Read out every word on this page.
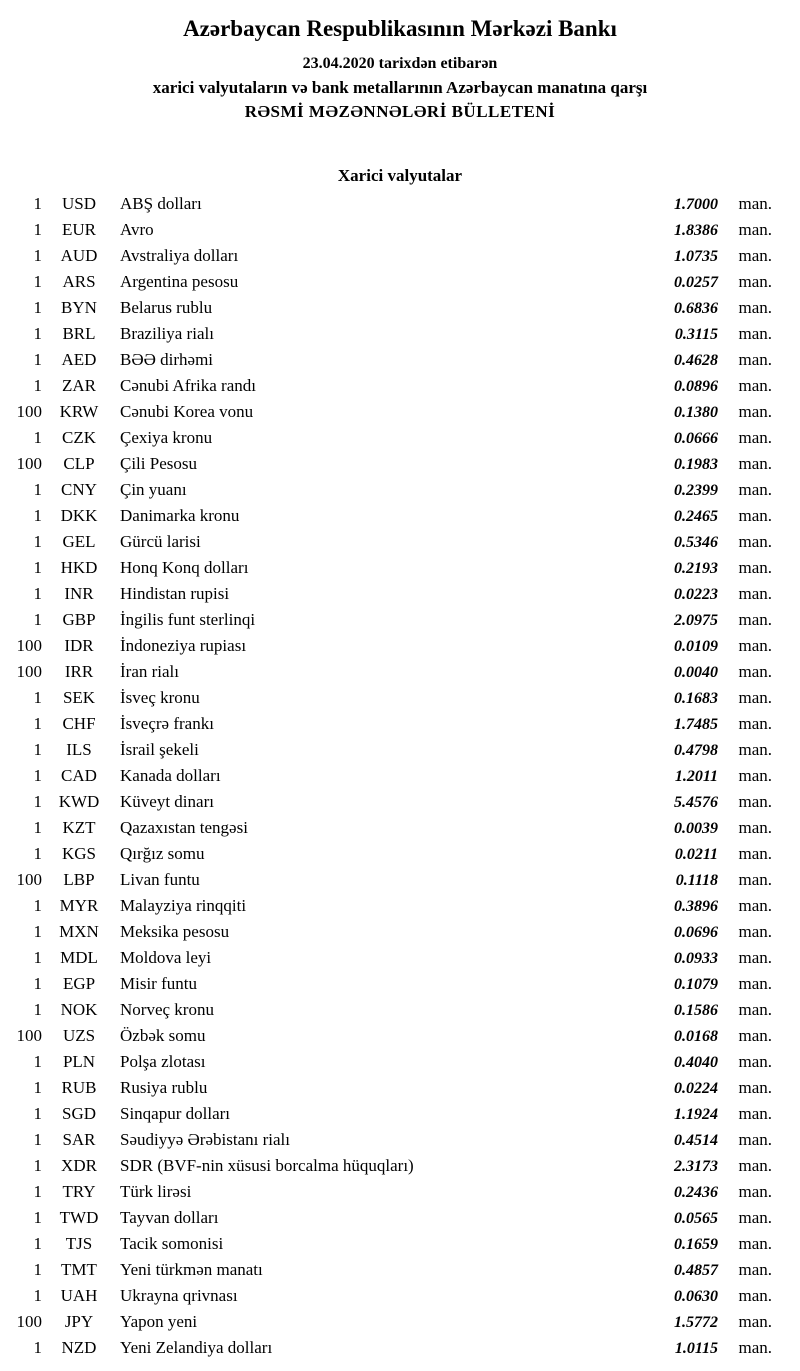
Azərbaycan Respublikasının Mərkəzi Bankı
23.04.2020 tarixdən etibarən
xarici valyutaların və bank metallarının Azərbaycan manatına qarşı
RƏSMİ MƏZƏNNƏLƏRİ BÜLLETENİ
Xarici valyutalar
1	USD	ABŞ dolları	1.7000	man.
1	EUR	Avro	1.8386	man.
1	AUD	Avstraliya dolları	1.0735	man.
1	ARS	Argentina pesosu	0.0257	man.
1	BYN	Belarus rublu	0.6836	man.
1	BRL	Braziliya rialı	0.3115	man.
1	AED	BƏƏ dirhəmi	0.4628	man.
1	ZAR	Cənubi Afrika randı	0.0896	man.
100	KRW	Cənubi Korea vonu	0.1380	man.
1	CZK	Çexiya kronu	0.0666	man.
100	CLP	Çili Pesosu	0.1983	man.
1	CNY	Çin yuanı	0.2399	man.
1	DKK	Danimarka kronu	0.2465	man.
1	GEL	Gürcü larisi	0.5346	man.
1	HKD	Honq Konq dolları	0.2193	man.
1	INR	Hindistan rupisi	0.0223	man.
1	GBP	İngilis funt sterlinqi	2.0975	man.
100	IDR	İndoneziya rupiası	0.0109	man.
100	IRR	İran rialı	0.0040	man.
1	SEK	İsveç kronu	0.1683	man.
1	CHF	İsveçrə frankı	1.7485	man.
1	ILS	İsrail şekeli	0.4798	man.
1	CAD	Kanada dolları	1.2011	man.
1 KWD	Küveyt dinarı	5.4576	man.
1	KZT	Qazaxıstan tengəsi	0.0039	man.
1	KGS	Qırğız somu	0.0211	man.
100	LBP	Livan funtu	0.1118	man.
1	MYR	Malayziya rinqqiti	0.3896	man.
1	MXN	Meksika pesosu	0.0696	man.
1	MDL	Moldova leyi	0.0933	man.
1	EGP	Misir funtu	0.1079	man.
1	NOK	Norveç kronu	0.1586	man.
100	UZS	Özbək somu	0.0168	man.
1	PLN	Polşa zlotası	0.4040	man.
1	RUB	Rusiya rublu	0.0224	man.
1	SGD	Sinqapur dolları	1.1924	man.
1	SAR	Səudiyyə Ərəbistanı rialı	0.4514	man.
1	XDR	SDR (BVF-nin xüsusi borcalma hüquqları)	2.3173	man.
1	TRY	Türk lirəsi	0.2436	man.
1	TWD	Tayvan dolları	0.0565	man.
1	TJS	Tacik somonisi	0.1659	man.
1	TMT	Yeni türkmən manatı	0.4857	man.
1	UAH	Ukrayna qrivnası	0.0630	man.
100	JPY	Yapon yeni	1.5772	man.
1	NZD	Yeni Zelandiya dolları	1.0115	man.
